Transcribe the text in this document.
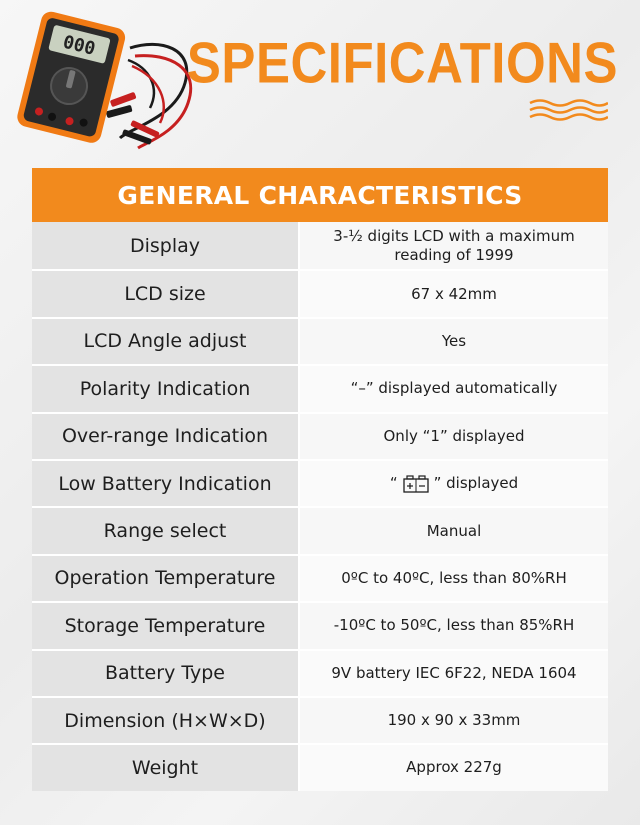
000 SPECIFICATIONS
GENERAL CHARACTERISTICS
Display	3-½ digits LCD with a maximum reading of 1999
LCD size	67 x 42mm
LCD Angle adjust	Yes
Polarity Indication	“–” displayed automatically
Over-range Indication	Only “1” displayed
Low Battery Indication	“ ” displayed
Range select	Manual
Operation Temperature	0ºC to 40ºC, less than 80%RH
Storage Temperature	-10ºC to 50ºC, less than 85%RH
Battery Type	9V battery IEC 6F22, NEDA 1604
Dimension (H×W×D)	190 x 90 x 33mm
Weight	Approx 227g
